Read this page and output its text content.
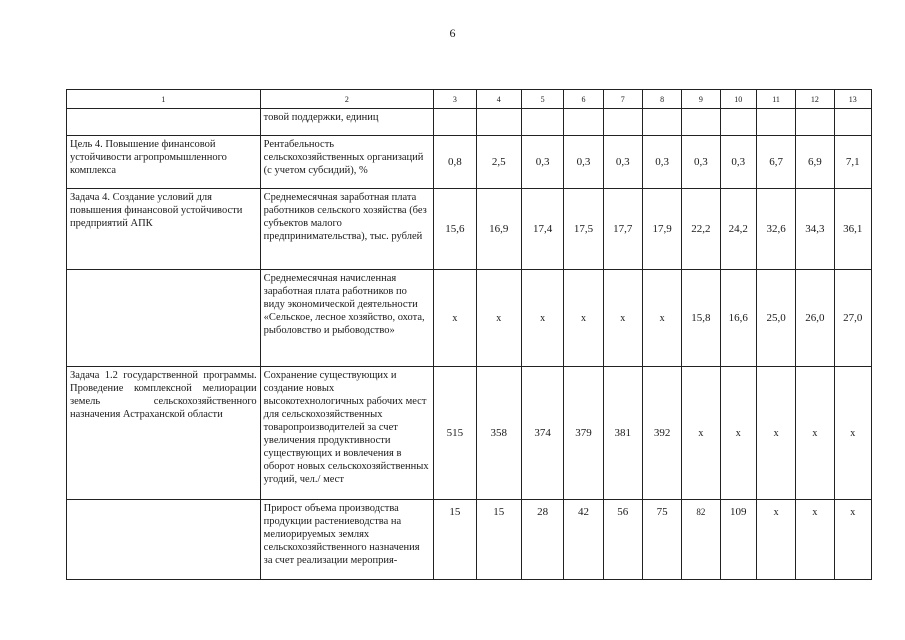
6
1	2	3	4	5	6	7	8	9	10	11	12	13
	товой поддержки, единиц											
Цель 4. Повышение финансовой устойчивости агропромышленного комплекса	Рентабельность сельскохозяйственных организаций (с учетом субсидий), %	0,8	2,5	0,3	0,3	0,3	0,3	0,3	0,3	6,7	6,9	7,1
Задача 4. Создание условий для повышения финансовой устойчивости предприятий АПК	Среднемесячная заработная плата работников сельского хозяйства (без субъектов малого предпринимательства), тыс. рублей	15,6	16,9	17,4	17,5	17,7	17,9	22,2	24,2	32,6	34,3	36,1
	Среднемесячная начисленная заработная плата работников по виду экономической деятельности «Сельское, лесное хозяйство, охота, рыболовство и рыбоводство»	х	х	х	х	х	х	15,8	16,6	25,0	26,0	27,0
Задача 1.2 государственной программы. Проведение комплексной мелиорации земель сельскохозяйственного назначения Астраханской области	Сохранение существующих и создание новых высокотехнологичных рабочих мест для сельскохозяйственных товаропроизводителей за счет увеличения продуктивности существующих и вовлечения в оборот новых сельскохозяйственных угодий, чел./ мест	515	358	374	379	381	392	х	х	х	х	х
	Прирост объема производства продукции растениеводства на мелиорируемых землях сельскохозяйственного назначения за счет реализации мероприя-	15	15	28	42	56	75	82	109	х	х	х
